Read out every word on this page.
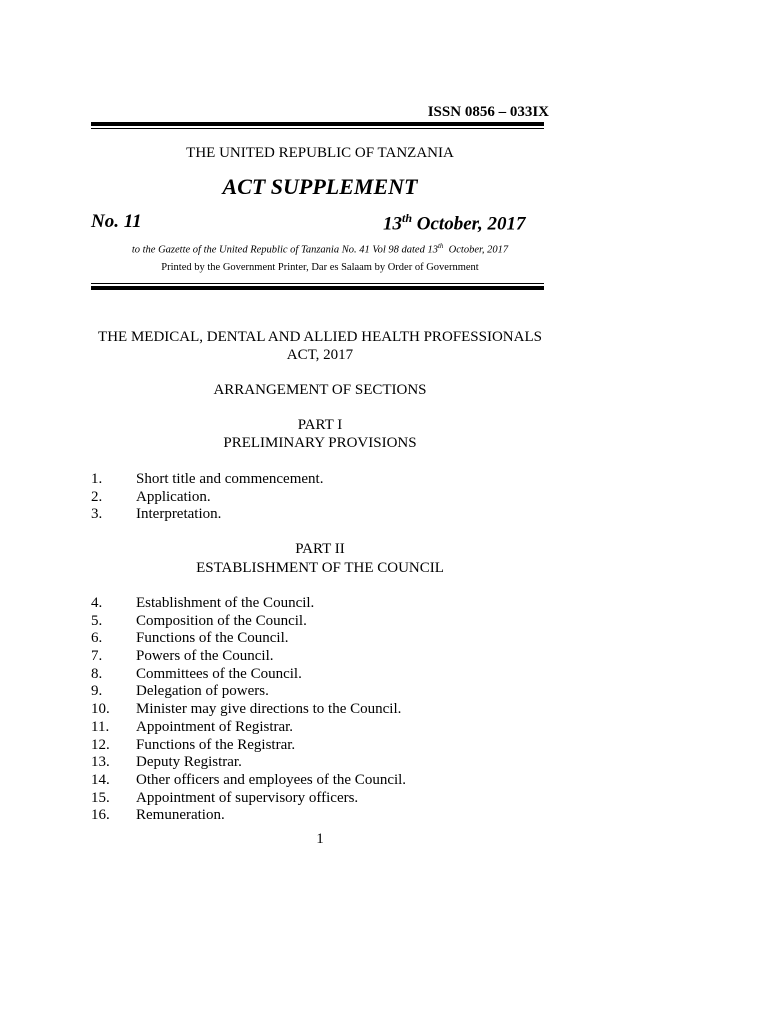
ISSN 0856 – 033IX
THE UNITED REPUBLIC OF TANZANIA
ACT SUPPLEMENT
No. 11	13th October, 2017
to the Gazette of the United Republic of Tanzania No. 41 Vol 98 dated 13th  October, 2017
Printed by the Government Printer, Dar es Salaam by Order of Government
THE MEDICAL, DENTAL AND ALLIED HEALTH PROFESSIONALS
ACT, 2017
ARRANGEMENT OF SECTIONS
PART I
PRELIMINARY PROVISIONS
1.	Short title and commencement.
2.	Application.
3.	Interpretation.
PART II
ESTABLISHMENT OF THE COUNCIL
4.	Establishment of the Council.
5.	Composition of the Council.
6.	Functions of the Council.
7.	Powers of the Council.
8.	Committees of the Council.
9.	Delegation of powers.
10.	Minister may give directions to the Council.
11.	Appointment of Registrar.
12.	Functions of the Registrar.
13.	Deputy Registrar.
14.	Other officers and employees of the Council.
15.	Appointment of supervisory officers.
16.	Remuneration.
1
